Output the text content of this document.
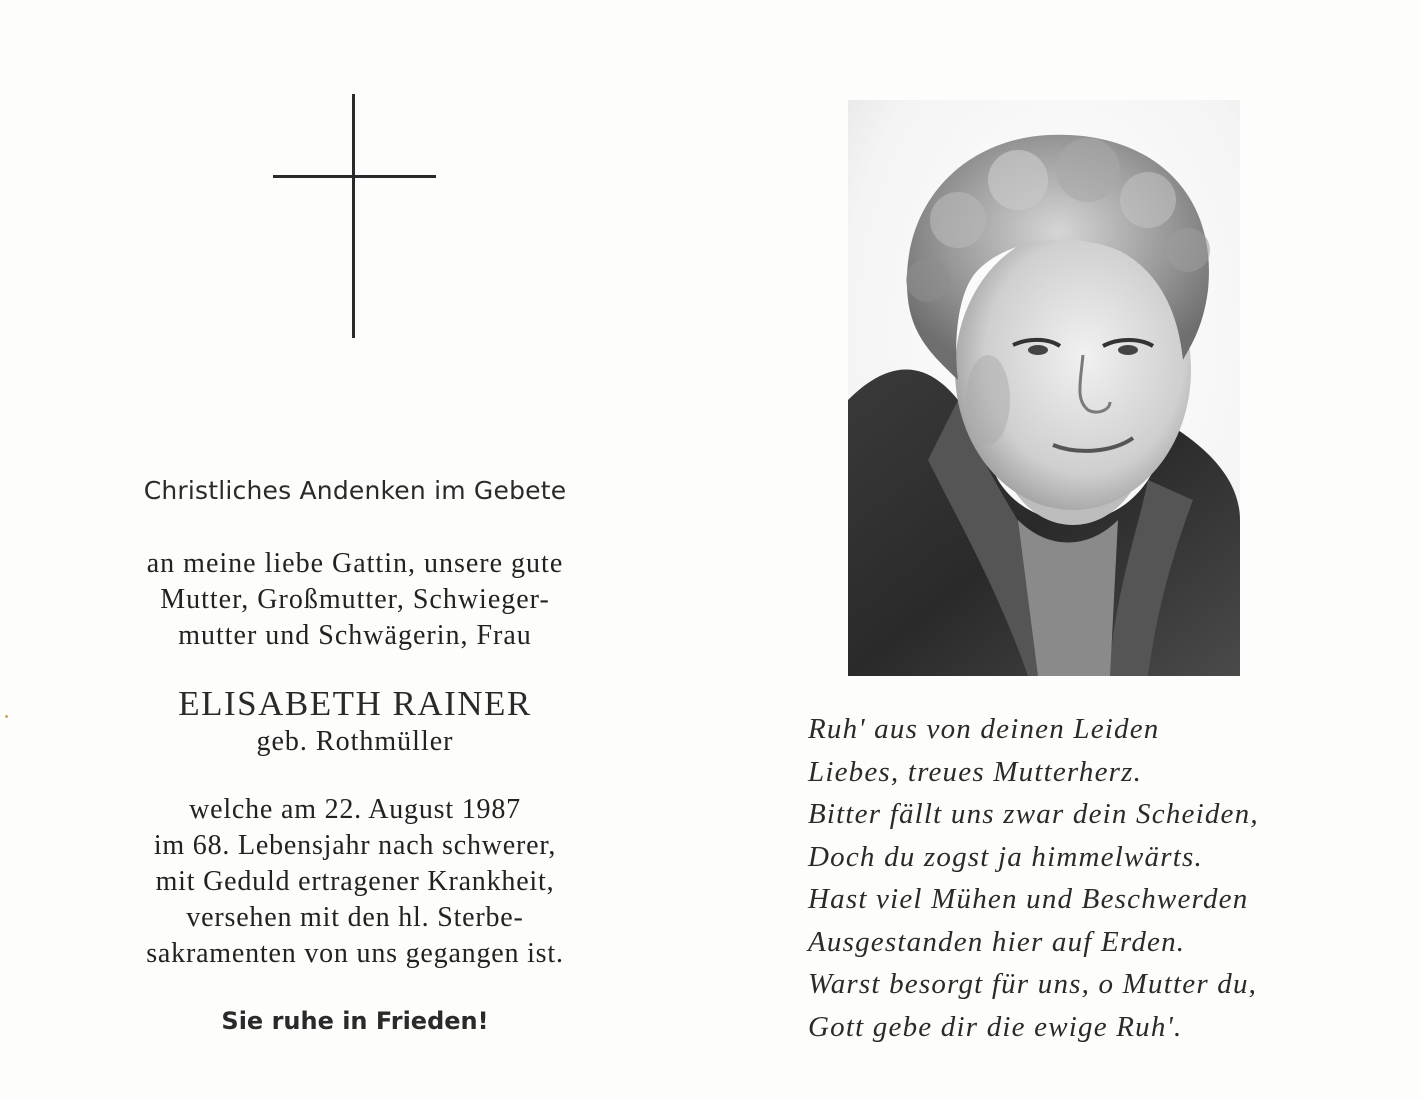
Christliches Andenken im Gebete
an meine liebe Gattin, unsere gute
Mutter, Großmutter, Schwieger-
mutter und Schwägerin, Frau
ELISABETH RAINER
geb. Rothmüller
welche am 22. August 1987
im 68. Lebensjahr nach schwerer,
mit Geduld ertragener Krankheit,
versehen mit den hl. Sterbe-
sakramenten von uns gegangen ist.
Sie ruhe in Frieden!
Ruh' aus von deinen Leiden
Liebes, treues Mutterherz.
Bitter fällt uns zwar dein Scheiden,
Doch du zogst ja himmelwärts.
Hast viel Mühen und Beschwerden
Ausgestanden hier auf Erden.
Warst besorgt für uns, o Mutter du,
Gott gebe dir die ewige Ruh'.
